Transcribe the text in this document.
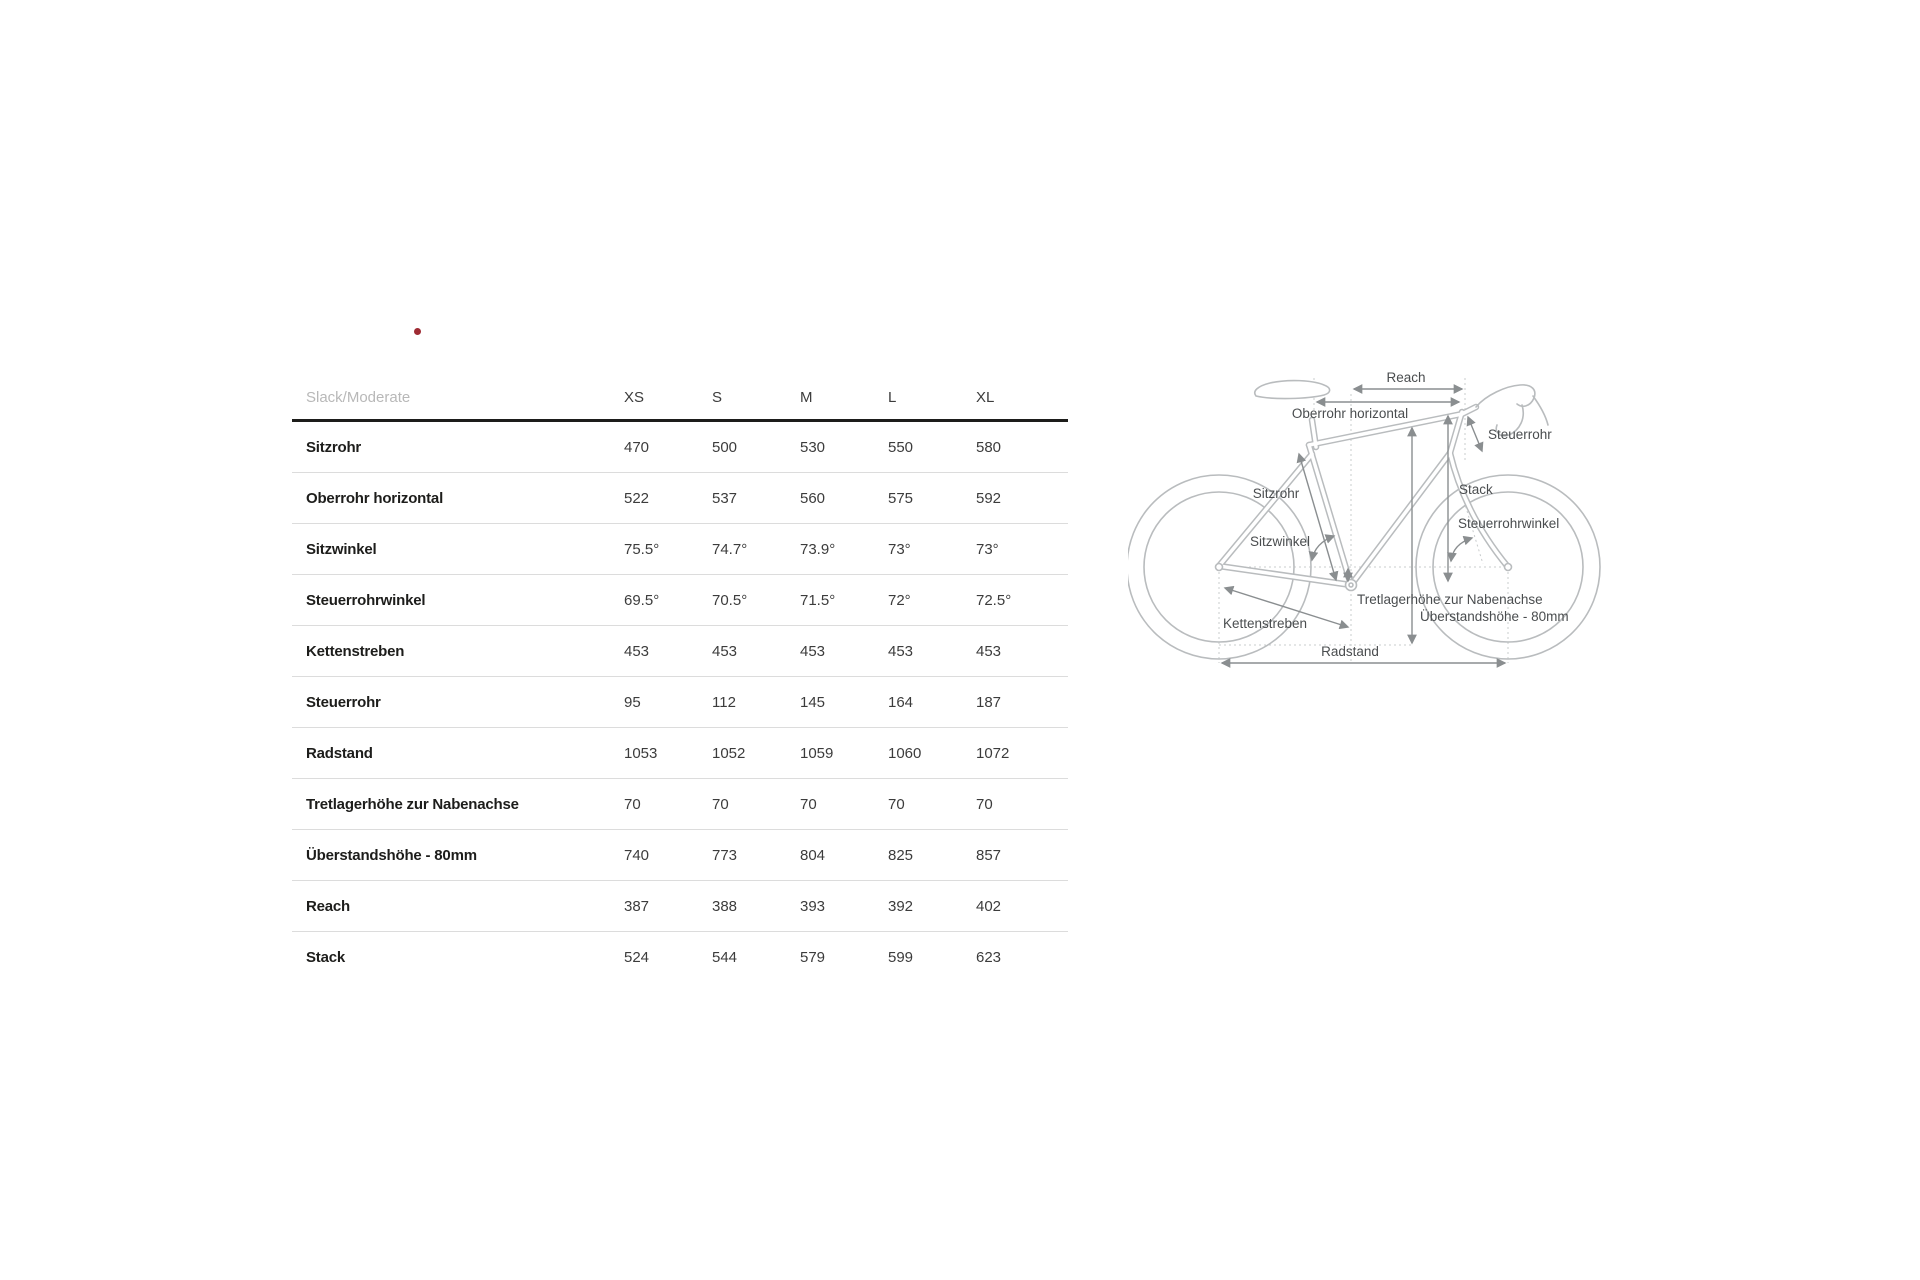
Slack/Moderate	XS	S	M	L	XL
Sitzrohr	470	500	530	550	580
Oberrohr horizontal	522	537	560	575	592
Sitzwinkel	75.5°	74.7°	73.9°	73°	73°
Steuerrohrwinkel	69.5°	70.5°	71.5°	72°	72.5°
Kettenstreben	453	453	453	453	453
Steuerrohr	95	112	145	164	187
Radstand	1053	1052	1059	1060	1072
Tretlagerhöhe zur Nabenachse	70	70	70	70	70
Überstandshöhe - 80mm	740	773	804	825	857
Reach	387	388	393	392	402
Stack	524	544	579	599	623
Reach
Oberrohr horizontal
Steuerrohr
Sitzrohr	Stack
Steuerrohrwinkel
Sitzwinkel
Tretlagerhöhe zur Nabenachse
Kettenstreben	Überstandshöhe - 80mm
Radstand
